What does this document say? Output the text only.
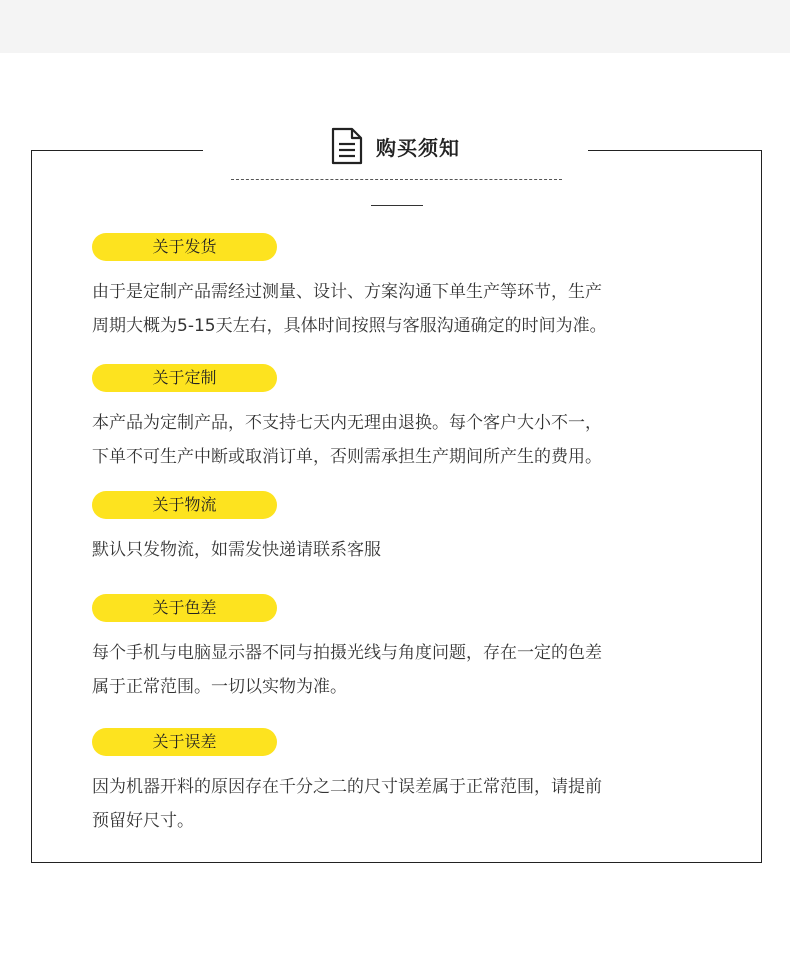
购买须知
关于发货
由于是定制产品需经过测量、设计、方案沟通下单生产等环节，生产
周期大概为5-15天左右，具体时间按照与客服沟通确定的时间为准。
关于定制
本产品为定制产品，不支持七天内无理由退换。每个客户大小不一，
下单不可生产中断或取消订单，否则需承担生产期间所产生的费用。
关于物流
默认只发物流，如需发快递请联系客服
关于色差
每个手机与电脑显示器不同与拍摄光线与角度问题，存在一定的色差
属于正常范围。一切以实物为准。
关于误差
因为机器开料的原因存在千分之二的尺寸误差属于正常范围，请提前
预留好尺寸。
